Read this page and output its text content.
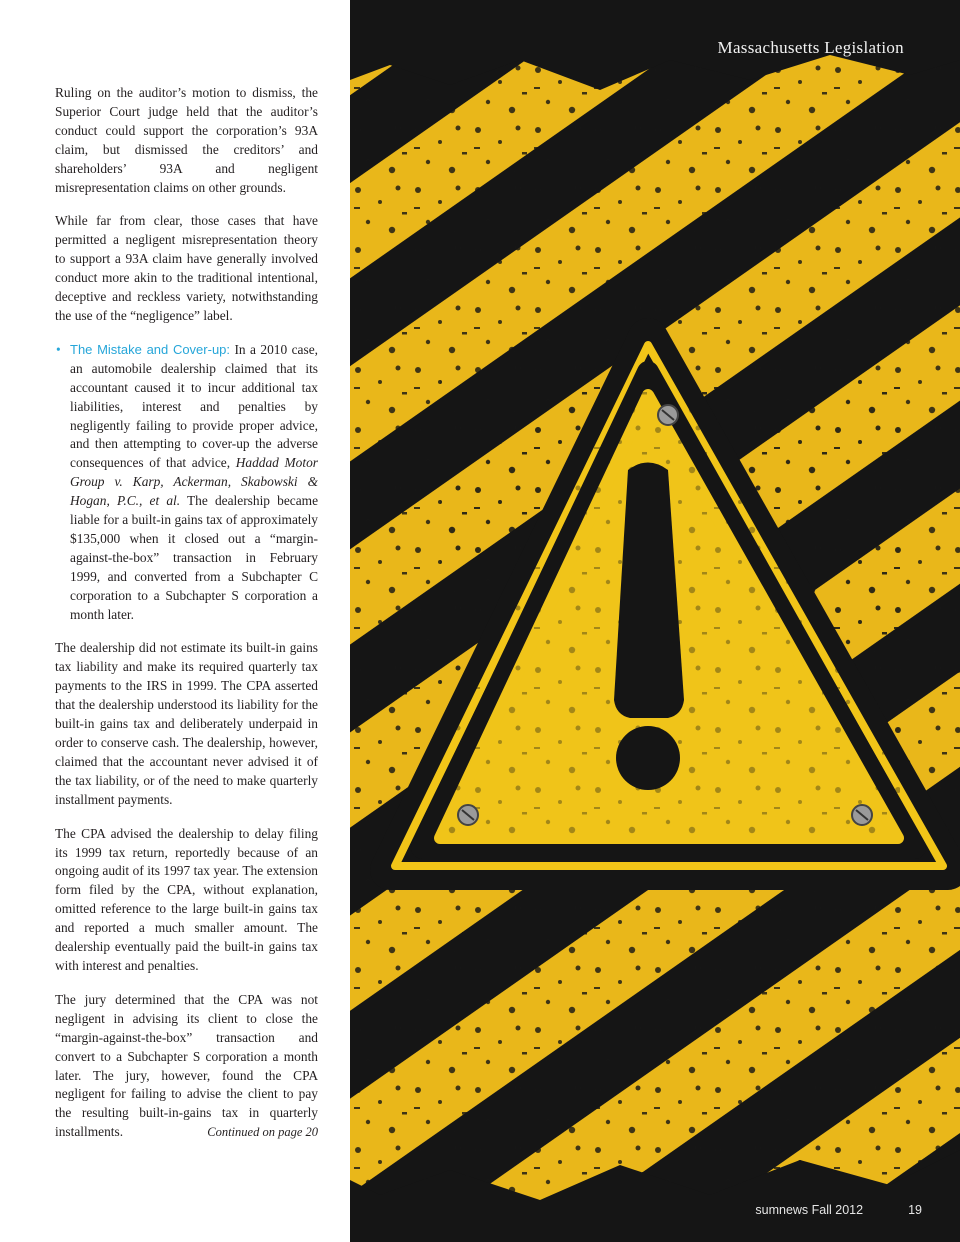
Ruling on the auditor’s motion to dismiss, the Superior Court judge held that the auditor’s conduct could support the corporation’s 93A claim, but dismissed the creditors’ and shareholders’ 93A and negligent misrepresentation claims on other grounds.

While far from clear, those cases that have permitted a negligent misrepresentation theory to support a 93A claim have generally involved conduct more akin to the traditional intentional, deceptive and reckless variety, notwithstanding the use of the “negligence” label.

• The Mistake and Cover-up: In a 2010 case, an automobile dealership claimed that its accountant caused it to incur additional tax liabilities, interest and penalties by negligently failing to provide proper advice, and then attempting to cover-up the adverse consequences of that advice, Haddad Motor Group v. Karp, Ackerman, Skabowski & Hogan, P.C., et al. The dealership became liable for a built-in gains tax of approximately $135,000 when it closed out a “margin-against-the-box” transaction in February 1999, and converted from a Subchapter C corporation to a Subchapter S corporation a month later.

The dealership did not estimate its built-in gains tax liability and make its required quarterly tax payments to the IRS in 1999. The CPA asserted that the dealership understood its liability for the built-in gains tax and deliberately underpaid in order to conserve cash. The dealership, however, claimed that the accountant never advised it of the tax liability, or of the need to make quarterly installment payments.

The CPA advised the dealership to delay filing its 1999 tax return, reportedly because of an ongoing audit of its 1997 tax year. The extension form filed by the CPA, without explanation, omitted reference to the large built-in gains tax and reported a much smaller amount. The dealership eventually paid the built-in gains tax with interest and penalties.

The jury determined that the CPA was not negligent in advising its client to close the “margin-against-the-box” transaction and convert to a Subchapter S corporation a month later. The jury, however, found the CPA negligent for failing to advise the client to pay the resulting built-in-gains tax in quarterly installments.	Continued on page 20

Massachusetts Legislation
sumnews Fall 2012	19
